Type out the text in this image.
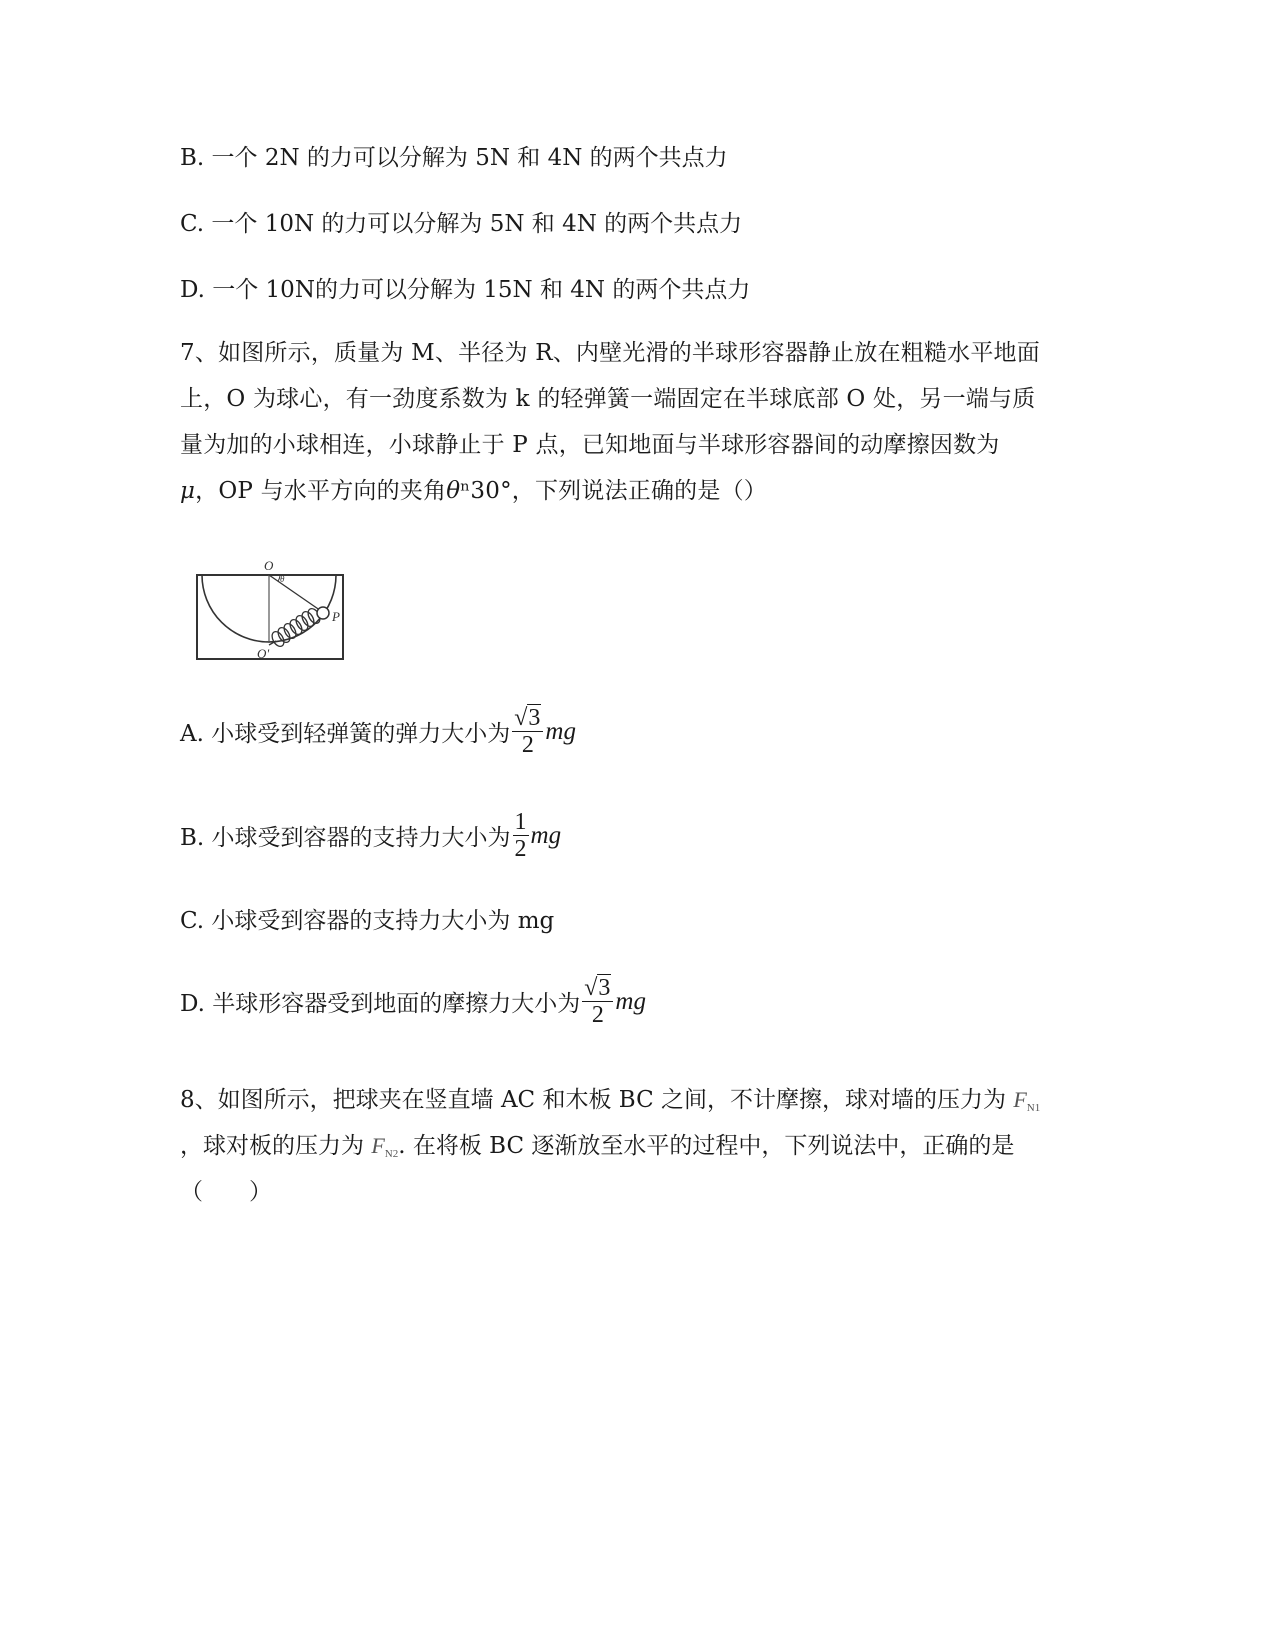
B. 一个 2N 的力可以分解为 5N 和 4N 的两个共点力
C. 一个 10N 的力可以分解为 5N 和 4N 的两个共点力
D. 一个 10N的力可以分解为 15N 和 4N 的两个共点力
7、如图所示，质量为 M、半径为 R、内壁光滑的半球形容器静止放在粗糙水平地面
上，O 为球心，有一劲度系数为 k 的轻弹簧一端固定在半球底部 O 处，另一端与质
量为加的小球相连，小球静止于 P 点，已知地面与半球形容器间的动摩擦因数为
μ，OP 与水平方向的夹角θⁿ30°，下列说法正确的是（）
O
θ
P
O'
A. 小球受到轻弹簧的弹力大小为 $\frac{√3}{2}$ mg
B. 小球受到容器的支持力大小为 $\frac{1}{2}$ mg
C. 小球受到容器的支持力大小为 mg
D. 半球形容器受到地面的摩擦力大小为 $\frac{√3}{2}$ mg
8、如图所示，把球夹在竖直墙 AC 和木板 BC 之间，不计摩擦，球对墙的压力为 $F_{N1}$
，球对板的压力为 $F_{N2}$. 在将板 BC 逐渐放至水平的过程中，下列说法中，正确的是
（　　）
